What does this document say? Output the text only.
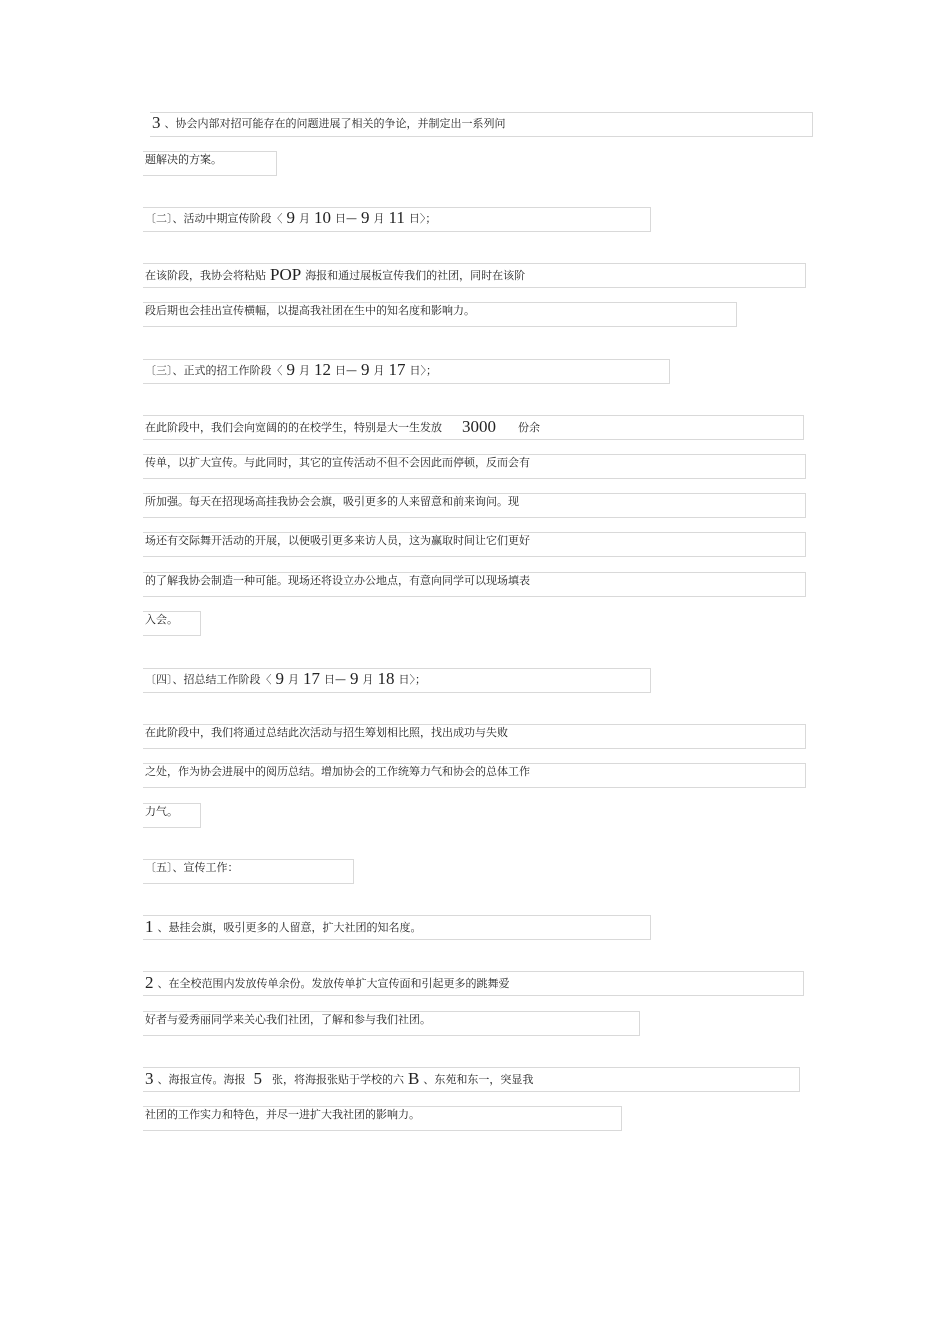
3 、协会内部对招可能存在的问题进展了相关的争论，并制定出一系列问
题解决的方案。
〔二〕、活动中期宣传阶段〈 9 月 10 日— 9 月 11 日〉；
在该阶段，我协会将粘贴 POP 海报和通过展板宣传我们的社团，同时在该阶
段后期也会挂出宣传横幅，以提高我社团在生中的知名度和影响力。
〔三〕、正式的招工作阶段〈 9 月 12 日— 9 月 17 日〉；
在此阶段中，我们会向宽阔的的在校学生，特别是大一生发放 3000 份余
传单，以扩大宣传。与此同时，其它的宣传活动不但不会因此而停顿，反而会有
所加强。每天在招现场高挂我协会会旗，吸引更多的人来留意和前来询问。现
场还有交际舞开活动的开展，以便吸引更多来访人员，这为赢取时间让它们更好
的了解我协会制造一种可能。现场还将设立办公地点，有意向同学可以现场填表
入会。
〔四〕、招总结工作阶段〈 9 月 17 日— 9 月 18 日〉；
在此阶段中，我们将通过总结此次活动与招生筹划相比照，找出成功与失败
之处，作为协会进展中的阅历总结。增加协会的工作统筹力气和协会的总体工作
力气。
〔五〕、宣传工作：
1 、悬挂会旗，吸引更多的人留意，扩大社团的知名度。
2 、在全校范围内发放传单余份。发放传单扩大宣传面和引起更多的跳舞爱
好者与爱秀丽同学来关心我们社团，了解和参与我们社团。
3 、海报宣传。海报 5 张，将海报张贴于学校的六 B 、东苑和东一，突显我
社团的工作实力和特色，并尽一进扩大我社团的影响力。
